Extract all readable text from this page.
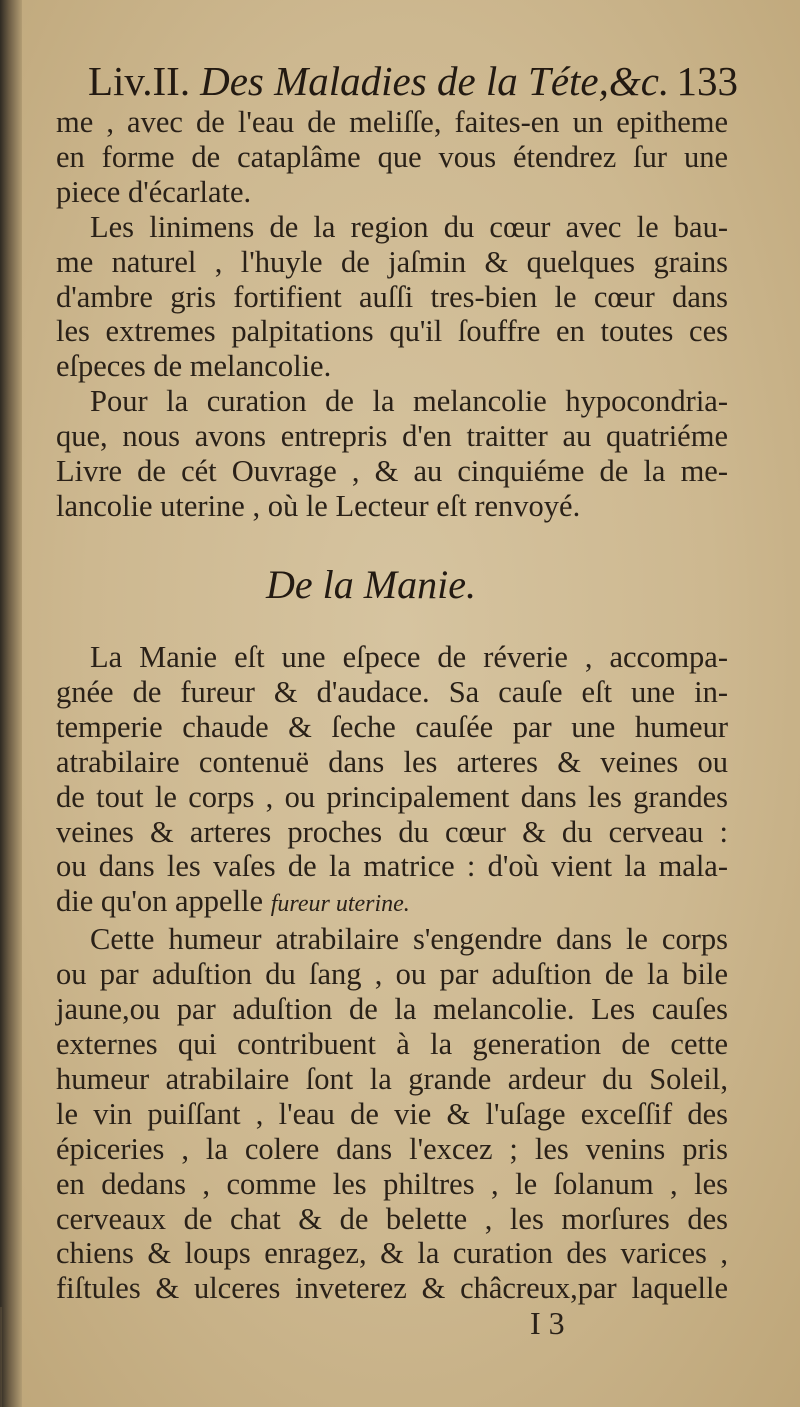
Liv.II. Des Maladies de la Téte,&c. 133
me , avec de l'eau de meliſſe, faites-en un epitheme
en forme de cataplâme que vous étendrez ſur une
piece d'écarlate.
Les linimens de la region du cœur avec le bau-
me naturel , l'huyle de jaſmin & quelques grains
d'ambre gris fortifient auſſi tres-bien le cœur dans
les extremes palpitations qu'il ſouffre en toutes ces
eſpeces de melancolie.
Pour la curation de la melancolie hypocondria-
que, nous avons entrepris d'en traitter au quatriéme
Livre de cét Ouvrage , & au cinquiéme de la me-
lancolie uterine , où le Lecteur eſt renvoyé.
De la Manie.
La Manie eſt une eſpece de réverie , accompa-
gnée de fureur & d'audace. Sa cauſe eſt une in-
temperie chaude & ſeche cauſée par une humeur
atrabilaire contenuë dans les arteres & veines ou
de tout le corps , ou principalement dans les grandes
veines & arteres proches du cœur & du cerveau :
ou dans les vaſes de la matrice : d'où vient la mala-
die qu'on appelle fureur uterine.
Cette humeur atrabilaire s'engendre dans le corps
ou par aduſtion du ſang , ou par aduſtion de la bile
jaune,ou par aduſtion de la melancolie. Les cauſes
externes qui contribuent à la generation de cette
humeur atrabilaire ſont la grande ardeur du Soleil,
le vin puiſſant , l'eau de vie & l'uſage exceſſif des
épiceries , la colere dans l'excez ; les venins pris
en dedans , comme les philtres , le ſolanum , les
cerveaux de chat & de belette , les morſures des
chiens & loups enragez, & la curation des varices ,
fiſtules & ulceres inveterez & châcreux,par laquelle
I 3
